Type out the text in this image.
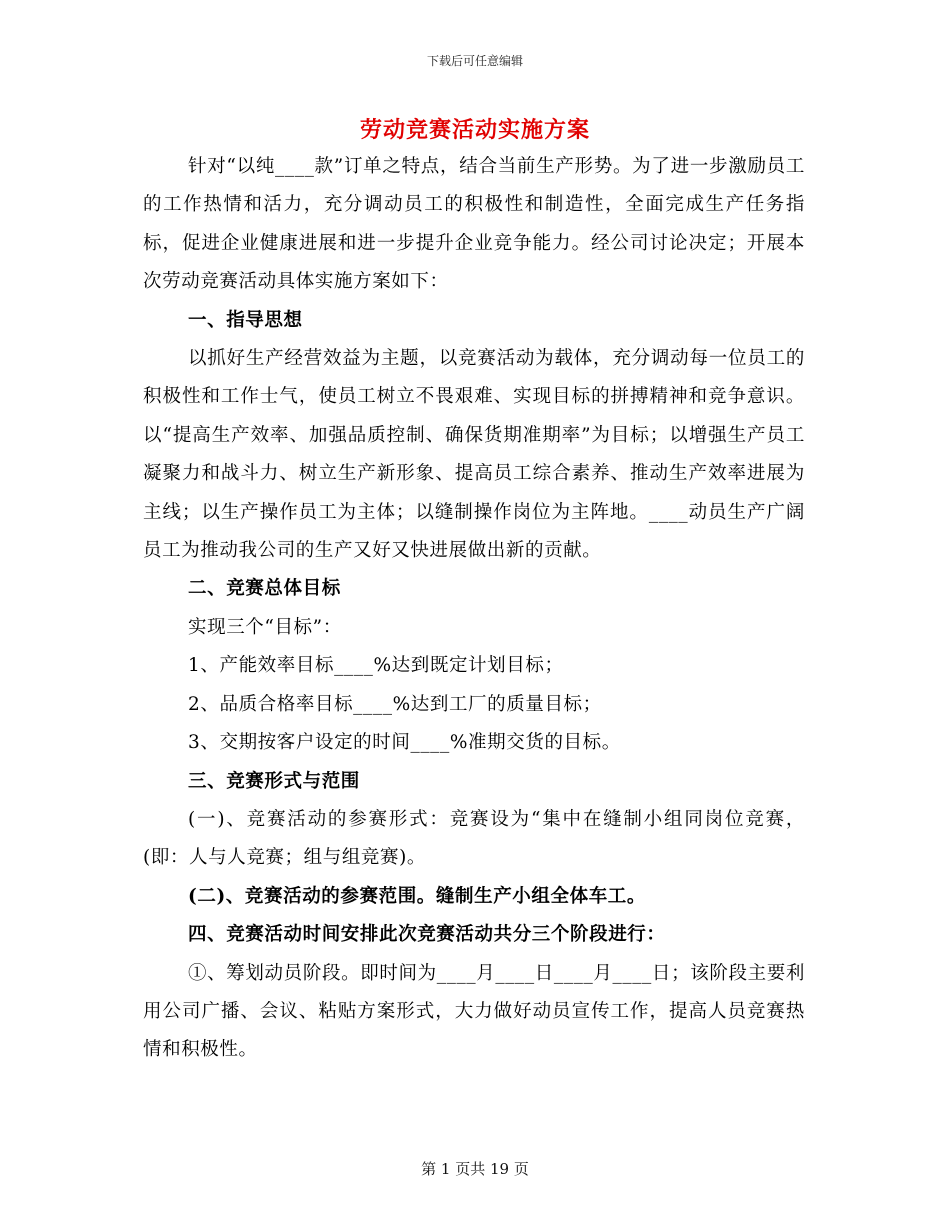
下载后可任意编辑
劳动竞赛活动实施方案

针对“以纯____款”订单之特点，结合当前生产形势。为了进一步激励员工的工作热情和活力，充分调动员工的积极性和制造性，全面完成生产任务指标，促进企业健康进展和进一步提升企业竞争能力。经公司讨论决定；开展本次劳动竞赛活动具体实施方案如下：

一、指导思想

以抓好生产经营效益为主题，以竞赛活动为载体，充分调动每一位员工的积极性和工作士气，使员工树立不畏艰难、实现目标的拼搏精神和竞争意识。以“提高生产效率、加强品质控制、确保货期准期率”为目标；以增强生产员工凝聚力和战斗力、树立生产新形象、提高员工综合素养、推动生产效率进展为主线；以生产操作员工为主体；以缝制操作岗位为主阵地。____动员生产广阔员工为推动我公司的生产又好又快进展做出新的贡献。

二、竞赛总体目标

实现三个“目标”：

1、产能效率目标____%达到既定计划目标；

2、品质合格率目标____%达到工厂的质量目标；

3、交期按客户设定的时间____%准期交货的目标。

三、竞赛形式与范围

(一)、竞赛活动的参赛形式：竞赛设为“集中在缝制小组同岗位竞赛，(即：人与人竞赛；组与组竞赛)。

(二)、竞赛活动的参赛范围。缝制生产小组全体车工。

四、竞赛活动时间安排此次竞赛活动共分三个阶段进行：

①、筹划动员阶段。即时间为____月____日____月____日；该阶段主要利用公司广播、会议、粘贴方案形式，大力做好动员宣传工作，提高人员竞赛热情和积极性。

第 1 页共 19 页
